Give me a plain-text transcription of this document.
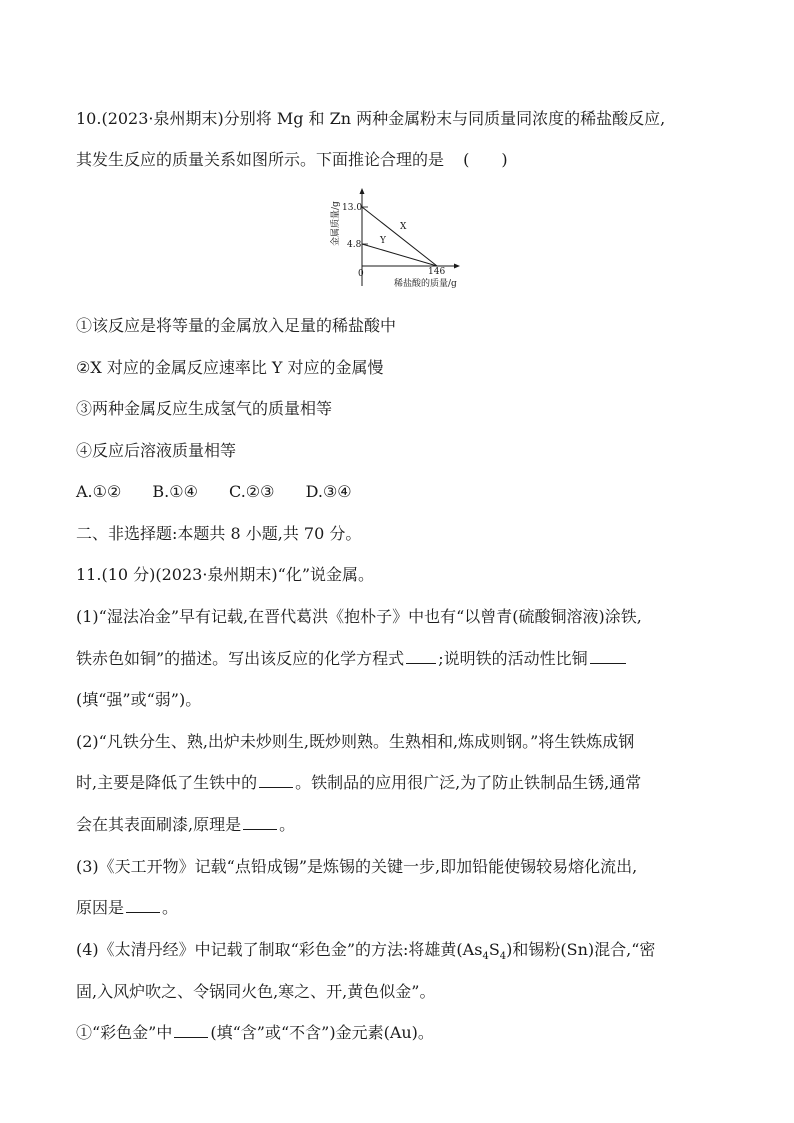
10.(2023·泉州期末)分别将 Mg 和 Zn 两种金属粉末与同质量同浓度的稀盐酸反应,
其发生反应的质量关系如图所示。下面推论合理的是 (　　)
13.0
4.8
0	146
X
Y
稀盐酸的质量/g
金属质量/g
①该反应是将等量的金属放入足量的稀盐酸中
②X 对应的金属反应速率比 Y 对应的金属慢
③两种金属反应生成氢气的质量相等
④反应后溶液质量相等
A.①② B.①④ C.②③ D.③④
二、非选择题:本题共 8 小题,共 70 分。
11.(10 分)(2023·泉州期末)“化”说金属。
(1)“湿法冶金”早有记载,在晋代葛洪《抱朴子》中也有“以曾青(硫酸铜溶液)涂铁,
铁赤色如铜”的描述。写出该反应的化学方程式 ;说明铁的活动性比铜
(填“强”或“弱”)。
(2)“凡铁分生、熟,出炉未炒则生,既炒则熟。生熟相和,炼成则钢。”将生铁炼成钢
时,主要是降低了生铁中的 。铁制品的应用很广泛,为了防止铁制品生锈,通常
会在其表面刷漆,原理是 。
(3)《天工开物》记载“点铅成锡”是炼锡的关键一步,即加铅能使锡较易熔化流出,
原因是 。
(4)《太清丹经》中记载了制取“彩色金”的方法:将雄黄$(As_4S_4)$和锡粉(Sn)混合,“密
固,入风炉吹之、令锅同火色,寒之、开,黄色似金”。
①“彩色金”中 (填“含”或“不含”)金元素(Au)。
